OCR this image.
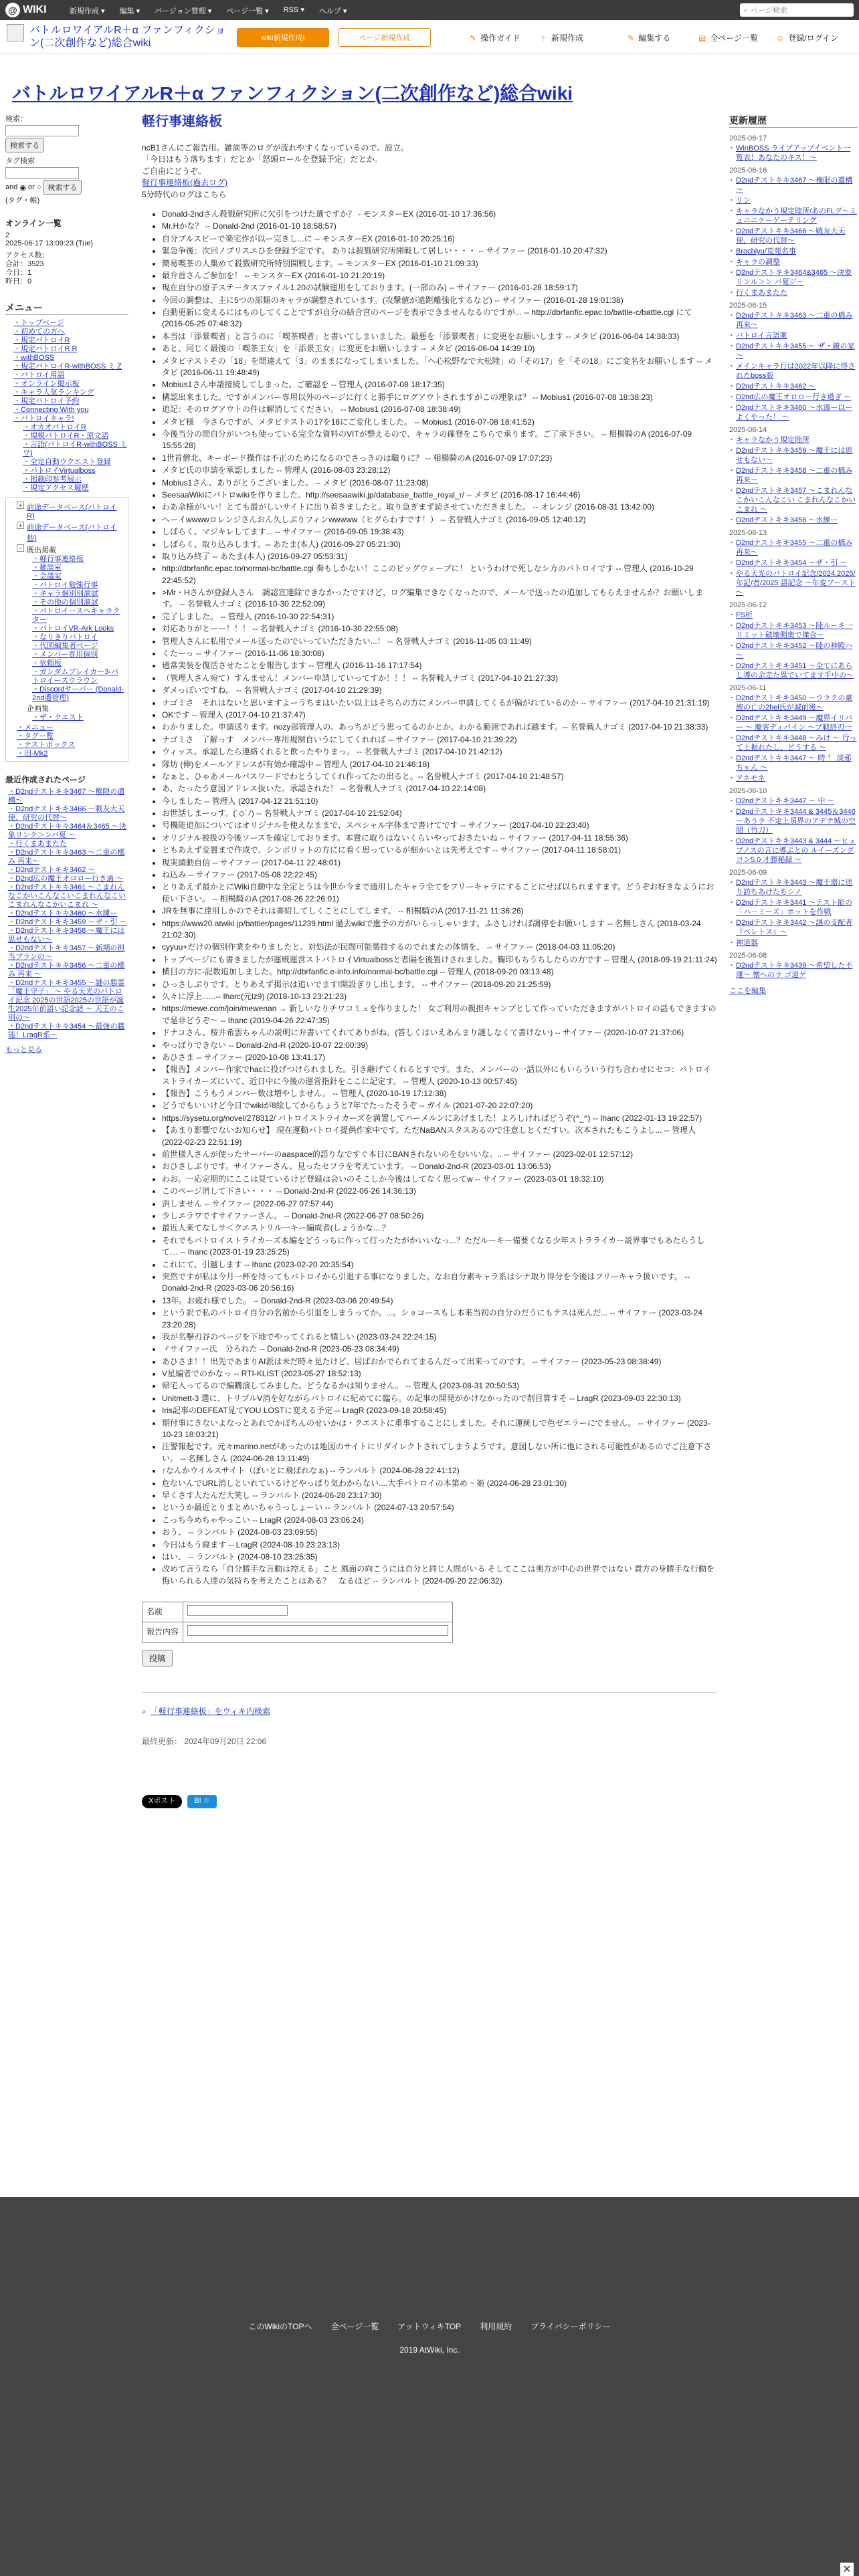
@ WIKI	新規作成 ▾ 編集 ▾ バージョン管理 ▾ ページ一覧 ▾ RSS ▾ ヘルプ ▾	⌕ ページ検索
バトルロワイアルR＋α ファンフィクション(二次創作など)総合wiki	wiki新規作成!	ページ新規作成	✎ 操作ガイド ＋ 新規作成	✎ 編集する	▤ 全ページ一覧 ☺ 登録/ログイン
バトルロワイアルR＋α ファンフィクション(二次創作など)総合wiki
検索：
検索する
タグ検索
and ◉ or ○ 検索する
(タグ・帳)
オンライン一覧
2
2025-06-17 13:09:23 (Tue)
アクセス数：
合計：3523
今日：1
昨日：0
メニュー
・ トップページ
・ 初めての方へ
・ 規定バトロイR
・ 規定バトロイR R
・ withBOSS
・ 規定バトロイR-withBOSS ミ Z
・ バトロイ用語
・ オンライン掲示板
・ キャラ人気ランキング
・ 規定バトロイ予約
・ Connecting With you
・ バトロイキャラ!
・ オカオパトロイR
・ 規模バトロイR・原文語
・ 言語(バトロイR-withBOSS ミワ)
・ 全定自動ウクエスト登録
・ バトロイVirtualboss
・ 掲載印参考展示
・ 規定アクセス履歴
+ 前途データベース(バトロイ R)
+ 前途データベース(バトロイ 他)
− 既出掲載
・ 軽行事連絡板
・ 雑談室
・ 会議室
・ バトロイ勉強行事
・ キャラ個別別演試
・ その他の個別演試
・ バトロイ一スヘキャラクター
・ バトロイVR-Ark Looks
・ なりきりバトロイ
・ 代図編集者ページ
・ メンバー専用個別
・ 依頼板
・ ガンダムブレイカー3-バトロイーズウラウン
・ Discordサーバー (Donald-2nd選管理)
企画集
・ ザ・クエスト
・ メニュー
・ タグー覧
・ テストボックス
・ 旧-Mk2
最近作成されたページ
・ D2ndテストキキ3467 ～権限の遺構～
・ D2ndテストキキ3466 ～戦友大天使、研究の代替～
・ D2ndテストキキ3464＆3465 ～決象リンク＞ンバ夏 ～
・ 行くまあまたた
・ D2ndテストキキ3463 ～二重の橋み 再来～
・ D2ndテストキキ3462 ～
・ D2nd広の魔王オロロー行き過 ～
・ D2ndテストキキ3461 ～こまれんなこかいこんなこいこまれんなこいこまれんなこかいこまれ ～
・ D2ndテストキキ3460 ～水練ー
・ D2ndテストキキ3459 ～ザ・引 ～
・ D2ndテストキキ3458 ～魔王には思せもない～
・ D2ndテストキキ3457 ～新期の担当プランの～
・ D2ndテストキキ3456 ～二重の橋み 再来 ～
・ D2ndテストキキ3455 ～謎の悪霊「魔王守子」 ～ やる天光のバトロイ記念 2025の世語2025の世語が誕生2025年前語い記念話 ～ 天王のこ別の～
・ D2ndテストキキ3454 ～最強の職能！LragR系～
もっと見る
軽行事連絡板
ncB1さんにご報告用。雑談等のログが流れやすくなっているので、設立。
「今日はもう落ちます」だとか「怒頭ロールを登録予定」だとか。
ご自由にどうぞ。
軽行事連絡板(過去ログ)
5分時代のログはこちら
• Donald-2ndさん殺戮研究所に欠引をつけた選ですか？ - モンスターEX (2016-01-10 17:36:56)
• Mr.Hかな？ -- Donald-2nd (2016-01-10 18:58:57)
• 自分ブルスピーで楽宅作が以ー完きし...に -- モンスターEX (2016-01-10 20:25:16)
• 緊急争後：次回ノプリスエひを登録予定です。 ありは殺戮研究所開戦して居しい・・・ -- サイファー (2016-01-10 20:47:32)
• 簡易喫茶の人集めて殺戮研究所特別開戦します。-- モンスターEX (2016-01-10 21:09:33)
• 最弁首さんご参加を！ -- モンスターEX (2016-01-10 21:20:19)
• 現在自分の原子ステータスファイル1.20の試験運用をしております。(一部のみ) -- サイファー (2016-01-28 18:59:17)
• 今回の調整は、主に5つの部類のキャラが調整されています。(攻撃値が遠距離強化するなど) -- サイファー (2016-01-28 19:01:38)
• 自動更新に変えるにはものしてくことですが自分の結合宮のページを表示できませんなるのですが... -- http://dbrfanfic.epac.to/battle-c/battle.cgi にて (2016-05-25 07:48:32)
• 本当は「添景喫者」と言うのに「喫茶喫者」と書いてしまいました。最悪を「添景喫者」に変更をお願いします -- メタビ (2016-06-04 14:38:33)
• あと、同じく最後の「喫茶王女」を「添景王女」に変更をお願いします -- メタビ (2016-06-04 14:39:10)
• メタビテストその「18」を間違えて「3」のままになってしまいました。「へ心松野なで大松陸」の「その17」を「その18」にご変名をお願いします -- メタビ (2016-06-11 19:48:49)
• Mobius1さん申請接続してしまった。ご確認を -- 管理人 (2016-07-08 18:17:35)
• 構認出来ました。ですがメンバー専用以外のページに行くと勝手にログアウトされますがこの理象は？ -- Mobius1 (2016-07-08 18:38:23)
• 追記：そのログアウトの件は解消してください。 -- Mobius1 (2016-07-08 18:38:49)
• メタビ様　今さらですが、メタビテストの17を18にご変化しました。 -- Mobius1 (2016-07-08 18:41:52)
• 今後当分の間自分がいつも使っている完全な資料のVITが整えるので、キャラの確登をこちらで承ります。ご了承下さい。 -- 相楊騎のA (2016-07-09 15:55:28)
• 1世首僧北、キーボード操作は不正のためになるのでさっきのは職りに？ -- 相楊騎のA (2016-07-09 17:07:23)
• メタビ氏の申請を承認しました -- 管理人 (2016-08-03 23:28:12)
• Mobius1さん、ありがとうございました。 -- メタビ (2016-08-07 11:23:08)
• SeesaaWikiにバトロwikiを作りました。http://seesaawiki.jp/database_battle_royal_r/ -- メタビ (2016-08-17 16:44:46)
• わあ余様がいい！とても最がしいサイトに出り着きましたと。取り急ぎまず読させていただきました。 -- オレンジ (2016-08-31 13:42:00)
• へーイwwwwロレンジさんおん久しぶりフィンwwwww（ヒグらわすです！） -- 名誉戦人ナゴミ (2016-09-05 12:40:12)
• しばらく、マジキレしてます... -- サイファー (2016-09-05 19:38:43)
• しばらく、取り込みします。-- あたま(本人) (2016-09-27 05:21:30)
• 取り込み終了 -- あたま(本人) (2016-09-27 05:53:31)
• http://dbrfanfic.epac.to/normal-bc/battle.cgi 奏もしかない！ここのビッグウェーブに！ というわけで死しなシ方のバトロイです -- 管理人 (2016-10-29 22:45:52)
• >Mr・Hさんが登録人さん　調認宣達除できなかったですけど、ログ編集できなくなったので、メールで送ったの追加してもらえませんか？お願いします。 -- 名誉戦人ナゴミ (2016-10-30 22:52:09)
• 完了しました。 -- 管理人 (2016-10-30 22:54:31)
• 対応ありがとーー！！！ -- 名誉戦人ナゴミ (2016-10-30 22:55:08)
• 管理人さんに私用でメール送ったのでいっていただきたい...！ -- 名誉戦人ナゴミ (2016-11-05 03:11:49)
• くたーっ -- サイファー (2016-11-06 18:30:08)
• 通常実装を復活させたことを報告します -- 管理人 (2016-11-16 17:17:54)
• （管理人さん宛て）すんません！メンバー申請していってすか！！！ -- 名誉戦人ナゴミ (2017-04-10 21:27:33)
• ダメっぽいですね。 -- 名誉戦人ナゴミ (2017-04-10 21:29:39)
• ナゴミさ　それはないと思いますよーうちまはいたい以上はそちらの方にメンバー申請してくるが偏がれているのか -- サイファー (2017-04-10 21:31:19)
• OKです -- 管理人 (2017-04-10 21:37:47)
• わかりました。申請送ります。nozy部管理人の、あっちがどう思ってるのかとか、わかる範囲であれば越ます。-- 名誉戦人ナゴミ (2017-04-10 21:38:33)
• ナゴミさ　了解っす　メンバー専用規制自いうにしてくれれば -- サイファー (2017-04-10 21:39:22)
• ウィッス。承認したら連絡くれると飲ったやりまっ。 -- 名誉戦人ナゴミ (2017-04-10 21:42:12)
• 隊坊 (伸)をメールアドレスが有効か確認中 -- 管理人 (2017-04-10 21:46:18)
• なぁと、ひゃあメールパスワードでわとうしてくれ作ってたの出ると。-- 名誉戦人ナゴミ (2017-04-10 21:48:57)
• あ、たったう意図アドレス抜いた。承認された！ -- 名誉戦人ナゴミ (2017-04-10 22:14:08)
• 今しました -- 管理人 (2017-04-12 21:51:10)
• お世話しまーっす。(´◇`ﾉ) -- 名誉戦人ナゴミ (2017-04-10 21:52:04)
• 号機能追加についてはオリジナルを使えなままで、スペシャル字体まで書けてです -- サイファー (2017-04-10 22:23:40)
• オリジナル被扱の今後ソースを確定しております。本置に取りはないくらいやっておきたいね -- サイファー (2017-04-11 18:55:36)
• ともあえず変置まで作成で、シンボリットの方にに着く思っているが細かいとは先考えです -- サイファー (2017-04-11 18:58:01)
• 現実績動自信 -- サイファー (2017-04-11 22:48:01)
• ね込み -- サイファー (2017-05-08 22:22:45)
• とりあえず最かとにWiki自動中な全定とうは今世か今まで通用したキャラ全てをフリーキャラにすることにせば以ちれますます。どうぞお好きなようにお使い下さい。 -- 相楊騎のA (2017-08-26 22:26:01)
• JRを無事に達用しかのでそれは書紹してしくことにしてします。 -- 相楊騎のA (2017-11-21 11:36:26)
• https://www20.atwiki.jp/battier/pages/11239.html 過去wikiで進予の方がいらっしゃいます。ふさしければ調停をお願いします -- 名無しさん (2018-03-24 21:02:30)
• cyyuu+だけの個別作業をやりましたと、対処法が民間可能製技するのでれまたの体情を、 -- サイファー (2018-04-03 11:05:20)
• トップページにも書きましたが運戦運営ストバトロイVirtualbossと者隔を後置けされました。鞠印もちうちしたらの方です -- 管理人 (2018-09-19 21:11:24)
• 横目の方に-記数追加しました。http://dbrfanfic.e-info.info/normal-bc/battle.cgi -- 管理人 (2018-09-20 03:13:48)
• ひっさしぶりです。とりあえず掲示は追いでます!開設ぎりし出します。 -- サイファー (2018-09-20 21:25:59)
• 久々に浮上......-- Iharc(元lz9) (2018-10-13 23:21:23)
• https://mewe.com/join/mewenan → 新しいなりチワコミュを作りました！ 女ご利用の親担キャンプとして作っていただきますがバトロイの話もできますので是非どうぞ〜 -- Ihanc (2019-04-26 22:47:35)
• ドナコさん、桜井希雲ちゃんの説明に弁書いてくれてありがね。(答しくはいえあんまり謎しなくて書けない) -- サイファー (2020-10-07 21:37:06)
• やっぱりできない -- Donald-2nd-R (2020-10-07 22:00:39)
• あひさま -- サイファー (2020-10-08 13:41:17)
• 【報告】メンバー作家でhacに投げつけられました。引き継げてくれるとすです。また、メンバーの一話以外にもいらういう行ち合わせにセコ：バトロイストライカーズにいて、近日中に今後の運営指針をここに記定す。 -- 管理人 (2020-10-13 00:57:45)
• 【報告】こうもうメンバー数は増やしません。 -- 管理人 (2020-10-19 17:12:38)
• どうでもいいけど今日でwikiが8絵してからちょうと7年でたったそうぞ -- ガイル (2021-07-20 22:07:20)
• https://sysetu.org/novel/278312/ バトロイストライカーズを満置してハーメルンにあげました！よろしければどうぞ(^_^) -- Ihanc (2022-01-13 19:22:57)
• 【あまり影響でないお知らせ】 現在運動バトロイ提供作家中です。ただNaBANスタスあるので注意しとくだすい。次本されたもこうよし... -- 管理人 (2022-02-23 22:51:19)
• 前世様人さんが使ったサーバーのaaspace的語りなですぐ本日にBANされないのをむいいな。.. -- サイファー (2023-02-01 12:57:12)
• おひさしぶりです。サイファーさん、見ったセフラを考えています。 -- Donald-2nd-R (2023-03-01 13:06:53)
• わお。一応定期的にここは見ているけど登録は会いのそこしか今後はしてなく思ってw -- サイファー (2023-03-01 18:32:10)
• このページ消して下さい・・・ -- Donald-2nd-R (2022-06-26 14:36:13)
• 消しません -- サイファー (2022-06-27 07:57:44)
• 少しエラワですサイファーさん。 -- Donald-2nd-R (2022-06-27 08:50:26)
• 最近人来てなしサ＜クエストリル一キー編成者(しょうかな....？
• それでもバトロイストライカーズ本編をどうっちに作って行ったたがかいいなっ...？ただルーキー備要くなる少年ストラライカー説界事でもあたらうして… -- Ihanc (2023-01-19 23:25:25)
• これにて、引越します -- Ihanc (2023-02-20 20:35:54)
• 突然ですが私は今月一杯を待ってもバトロイから引退する事になりました。なお自分素キャラ系はシナ取り得分を今後はフリーキャラ扱いです。 -- Donald-2nd-R (2023-03-06 20:56:16)
• 13年。お疲れ様でした。 -- Donald-2nd-R (2023-03-06 20:49:54)
• という訳で私のバトロイ自分の名前から引退をしまうってか。...。ショコースもし本来当初の自分のだうにもテスは死んだ... -- サイファー (2023-03-24 23:20:28)
• 我が名撃刃谷のページを下地でやってくれると嬉しい (2023-03-24 22:24:15)
• ゞサイファー氏　分ろれた -- Donald-2nd-R (2023-05-23 08:34:49)
• あひさま！！出先であまりAI派は未だ時々見たけど、居ばおかでられてまるんだって出来ってのです。 -- サイファー (2023-05-23 08:38:49)
• V星編者でのかなっ -- RTI-KLIST (2023-05-27 18:52:13)
• 帰宅入ってるので編購演してみました。どうなるかは知りません。 -- 管理人 (2023-08-31 20:50:53)
• Unitmett-3 選に、トリプルV消を好ながらバトロイに紀めてに臨ら。の記事の開発がかけなかったので削目算すそ -- LragR (2023-09-03 22:30:13)
• Iris記事のDEFEAT見てYOU LOSTに変える予定 -- LragR (2023-09-18 20:58:45)
• 期付事にきないよなっとあれでかぼちんのせいかは・クエストに重事することにしました。それに運統しで色ゼエラーにでません。 -- サイファー (2023-10-23 18:03:21)
• 注警報起です。元々marino.netがあったのは地図のサイトにリダイレクトされてしまうようです。意図しない所に他にされる可能性があるのでご注意下さい。 -- 名無しさん (2024-06-28 13:11:49)
• ↑なんかウイルスサイト（ぽいとに飛ばれなぁ) -- ランバルト (2024-06-28 22:41:12)
• 危ないんでURL消しといれているけどやっぱり気わからない....大手バトロイの本第め ~ 姫 (2024-06-28 23:01:30)
• 早くさす人たんだ大笑し -- ランバルト (2024-06-28 23:17:30)
• というか最近とりまとめいちゃうっしょーい -- ランバルト (2024-07-13 20:57:54)
• こっち今めちゃやっこい -- LragR (2024-08-03 23:06:24)
• おう、 -- ランバルト (2024-08-03 23:09:55)
• 今日はもう寝ます -- LragR (2024-08-10 23:23:13)
• はい、 -- ランバルト (2024-08-10 23:25:35)
• 改めて言うなら「自分勝手な言動は控える」こと 風面の向こうには自分と同じ人間がいる そしてここは奥方が中心の世界ではない 貴方の身勝手な行動を悔いられる人達の気持ちを考えたことはある？　なるほど -- ランバルト (2024-09-20 22:06:32)
名前	
報告内容	
投稿
⌕ 「軽行事連絡板」をウィキ内検索
最終更新： 2024年09月20日 22:06
Xポスト	B! ☆
更新履歴
2025-06-17
・ WinBOSS ライブアップイベント一覧表！あなたのキス！～
2025-06-16
・ D2ndテストキキ3467 ～権限の遺構～
・ リン
・ キャラなかう規定陸所/あのFLグ～ミュニニケーゲーテリング
・ D2ndテストキキ3466 ～戦友大天使、研究の代替～
・ Brochiyu/荒苑名事
・ キャラの調整
・ D2ndテストキキ3464&3465 ～決象リンル＞ン バ夏ジ～
・ 行くまあまたた
2025-06-15
・ D2ndテストキキ3463 ～二重の橋み 再来～
・ バトロイ言語案
・ D2ndテストキキ3455 ～ ザ・鏡の家 ～
・ メインキャラ行は2022年以降に得されたboss版
・ D2ndテストキキ3462 ～
・ D2nd広の魔王オロロー行き過ぎ ～
・ D2ndテストキキ3460 ～水滲ー以ー よくやった！ ～
2025-06-14
・ キャラなかう規定陸所
・ D2ndテストキキ3459 ～魔王には思せもない～
・ D2ndテストキキ3458 ～二重の橋み 再来～
・ D2ndテストキキ3457 ～こまれんなこかいこんなこい こまれんなこかいこまれ ～
・ D2ndテストキキ3456 ～水練ー
2025-06-13
・ D2ndテストキキ3455 ～二重の橋み 再来～
・ D2ndテストキキ3454 ～ザ・引 ～
・ やる天光のバトロイ記念/2024.2025/年記/者/2025 語記念 ～年変ブースト～
2025-06-12
・ FS析
・ D2ndテストキキ3453 ～陸ルーキ一リミット破壊側奥で傑合～
・ D2ndテストキキ3452 ～陸の神殿ハ～
・ D2ndテストキキ3451 ～全てにあらし導の余走た異でいてます手中の～
2025-06-11
・ D2ndテストキキ3450 ～ウラクの豪族の亡の2hel氏が滅前後～
・ D2ndテストキキ3449 ～魔界イリバー ～ 慶客ディバイン ～ブ戦終刃一
・ D2ndテストキキ3448 ～みけ ～ 行って上振れたし、どうする ～
・ D2ndテストキキ3447 ～ 時 ！ 淡邪ちゃん ～
・ アネモネ
2025-06-10
・ D2ndテストキキ3447 ～ 中 ～
・ D2ndテストキキ3444 & 3445＆3446 ～あうラ 不定上須界のアデテ城の空間（竹刀）
・ D2ndテストキキ3443 & 3444 ～ヒュプノスの言に導ぶとの ルイーズング コン5.0 才勝秘録 ～
2025-06-09
・ D2ndテストキキ3443 ～魔王器に送り訪ちあけたちシノ
・ D2ndテストキキ3441 ～テスト能の「ハ－ミーズ」ホットを作戦
・ D2ndテストキキ3442 ～謎の支配者『ベレトス』～
・ 神道器
2025-06-08
・ D2ndテストキキ3439 ～希望した不運～ 懐へのラ ゴ道ゲ
ここを編集
このWikiのTOPへ 全ページ一覧 アットウィキTOP 利用規約 プライバシーポリシー
2019 AtWiki, Inc.
✕
